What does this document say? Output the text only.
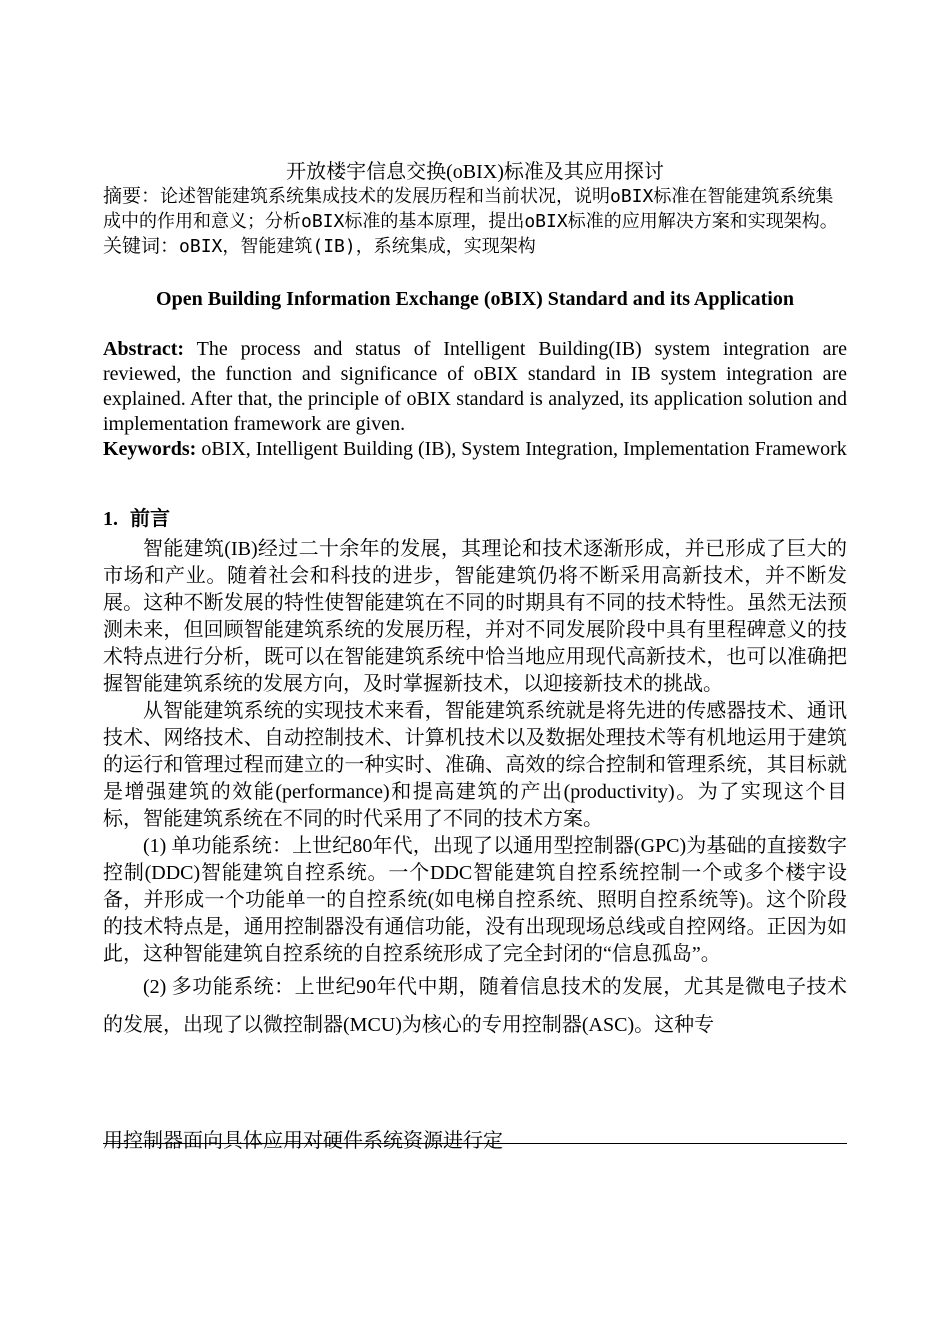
开放楼宇信息交换(oBIX)标准及其应用探讨

摘要：论述智能建筑系统集成技术的发展历程和当前状况，说明oBIX标准在智能建筑系统集成中的作用和意义；分析oBIX标准的基本原理，提出oBIX标准的应用解决方案和实现架构。

关键词：oBIX，智能建筑(IB)，系统集成，实现架构

Open Building Information Exchange (oBIX) Standard and its Application

Abstract: The process and status of Intelligent Building(IB) system integration are reviewed, the function and significance of oBIX standard in IB system integration are explained. After that, the principle of oBIX standard is analyzed, its application solution and implementation framework are given.

Keywords: oBIX, Intelligent Building (IB), System Integration, Implementation Framework

1. 前言

智能建筑(IB)经过二十余年的发展，其理论和技术逐渐形成，并已形成了巨大的市场和产业。随着社会和科技的进步，智能建筑仍将不断采用高新技术，并不断发展。这种不断发展的特性使智能建筑在不同的时期具有不同的技术特性。虽然无法预测未来，但回顾智能建筑系统的发展历程，并对不同发展阶段中具有里程碑意义的技术特点进行分析，既可以在智能建筑系统中恰当地应用现代高新技术，也可以准确把握智能建筑系统的发展方向，及时掌握新技术，以迎接新技术的挑战。

从智能建筑系统的实现技术来看，智能建筑系统就是将先进的传感器技术、通讯技术、网络技术、自动控制技术、计算机技术以及数据处理技术等有机地运用于建筑的运行和管理过程而建立的一种实时、准确、高效的综合控制和管理系统，其目标就是增强建筑的效能(performance)和提高建筑的产出(productivity)。为了实现这个目标，智能建筑系统在不同的时代采用了不同的技术方案。

(1) 单功能系统：上世纪80年代，出现了以通用型控制器(GPC)为基础的直接数字控制(DDC)智能建筑自控系统。一个DDC智能建筑自控系统控制一个或多个楼宇设备，并形成一个功能单一的自控系统(如电梯自控系统、照明自控系统等)。这个阶段的技术特点是，通用控制器没有通信功能，没有出现现场总线或自控网络。正因为如此，这种智能建筑自控系统的自控系统形成了完全封闭的“信息孤岛”。

(2) 多功能系统：上世纪90年代中期，随着信息技术的发展，尤其是微电子技术的发展，出现了以微控制器(MCU)为核心的专用控制器(ASC)。这种专

用控制器面向具体应用对硬件系统资源进行定
